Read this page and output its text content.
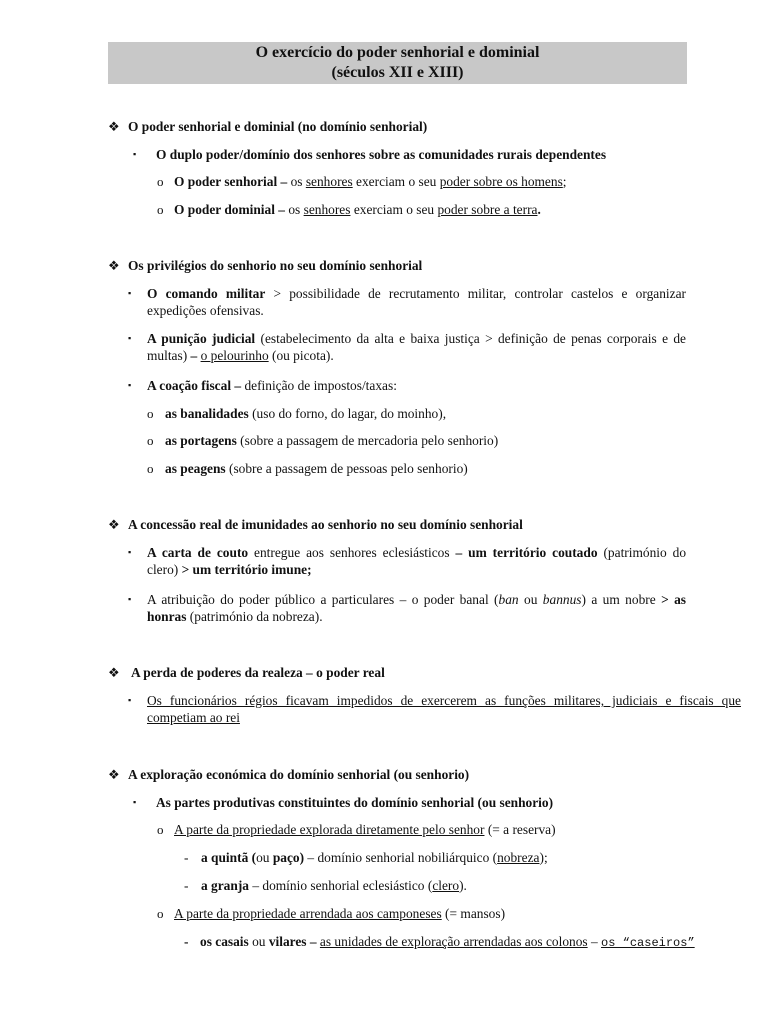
O exercício do poder senhorial e dominial
(séculos XII e XIII)
❖ O poder senhorial e dominial (no domínio senhorial)
▪ O duplo poder/domínio dos senhores sobre as comunidades rurais dependentes
o O poder senhorial – os senhores exerciam o seu poder sobre os homens;
o O poder dominial – os senhores exerciam o seu poder sobre a terra.
❖ Os privilégios do senhorio no seu domínio senhorial
▪ O comando militar > possibilidade de recrutamento militar, controlar castelos e organizar expedições ofensivas.
▪ A punição judicial (estabelecimento da alta e baixa justiça > definição de penas corporais e de multas) – o pelourinho (ou picota).
▪ A coação fiscal – definição de impostos/taxas:
o as banalidades (uso do forno, do lagar, do moinho),
o as portagens (sobre a passagem de mercadoria pelo senhorio)
o as peagens (sobre a passagem de pessoas pelo senhorio)
❖ A concessão real de imunidades ao senhorio no seu domínio senhorial
▪ A carta de couto entregue aos senhores eclesiásticos – um território coutado (património do clero) > um território imune;
▪ A atribuição do poder público a particulares – o poder banal (ban ou bannus) a um nobre > as honras (património da nobreza).
❖ A perda de poderes da realeza – o poder real
▪ Os funcionários régios ficavam impedidos de exercerem as funções militares, judiciais e fiscais que competiam ao rei
❖ A exploração económica do domínio senhorial (ou senhorio)
▪ As partes produtivas constituintes do domínio senhorial (ou senhorio)
o A parte da propriedade explorada diretamente pelo senhor (= a reserva)
- a quintã (ou paço) – domínio senhorial nobiliárquico (nobreza);
- a granja – domínio senhorial eclesiástico (clero).
o A parte da propriedade arrendada aos camponeses (= mansos)
- os casais ou vilares – as unidades de exploração arrendadas aos colonos – os “caseiros”
